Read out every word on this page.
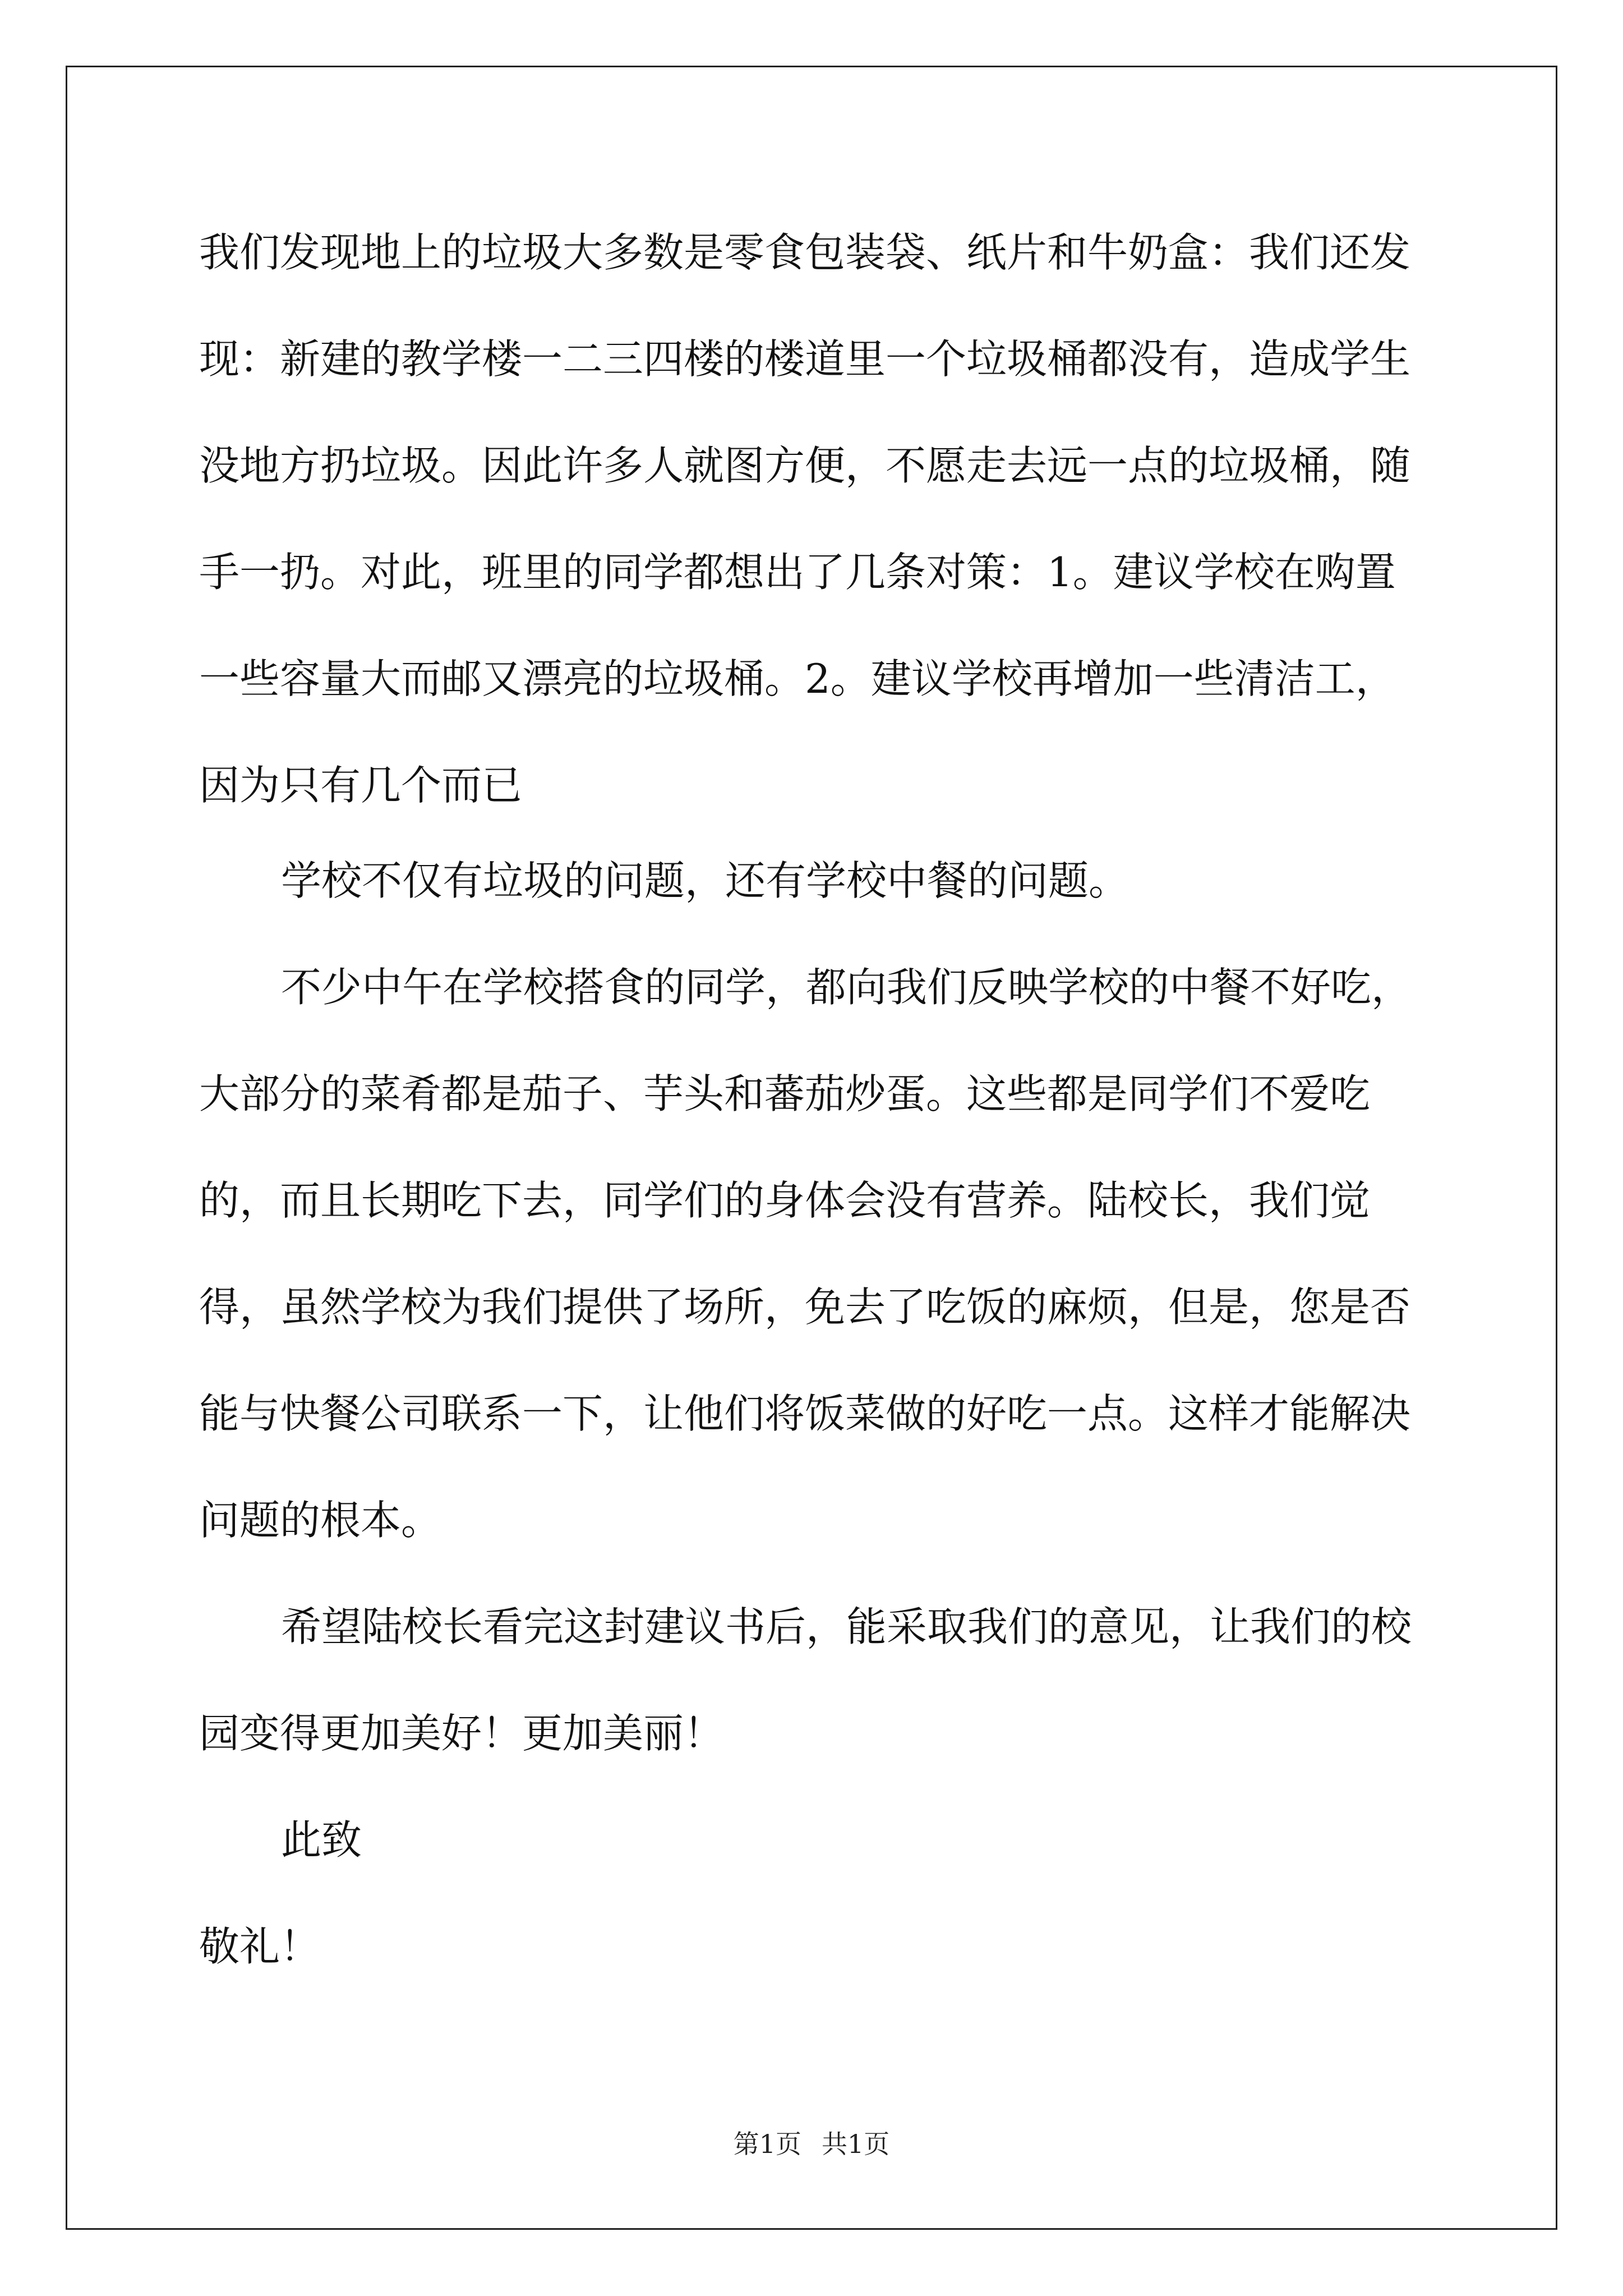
我们发现地上的垃圾大多数是零食包装袋、纸片和牛奶盒：我们还发现：新建的教学楼一二三四楼的楼道里一个垃圾桶都没有，造成学生没地方扔垃圾。因此许多人就图方便，不愿走去远一点的垃圾桶，随手一扔。对此，班里的同学都想出了几条对策：1。建议学校在购置一些容量大而邮又漂亮的垃圾桶。2。建议学校再增加一些清洁工，因为只有几个而已
学校不仅有垃圾的问题，还有学校中餐的问题。
不少中午在学校搭食的同学，都向我们反映学校的中餐不好吃，大部分的菜肴都是茄子、芋头和蕃茄炒蛋。这些都是同学们不爱吃的，而且长期吃下去，同学们的身体会没有营养。陆校长，我们觉得，虽然学校为我们提供了场所，免去了吃饭的麻烦，但是，您是否能与快餐公司联系一下，让他们将饭菜做的好吃一点。这样才能解决问题的根本。
希望陆校长看完这封建议书后，能采取我们的意见，让我们的校园变得更加美好！更加美丽！
此致
敬礼！
第1页 共1页
